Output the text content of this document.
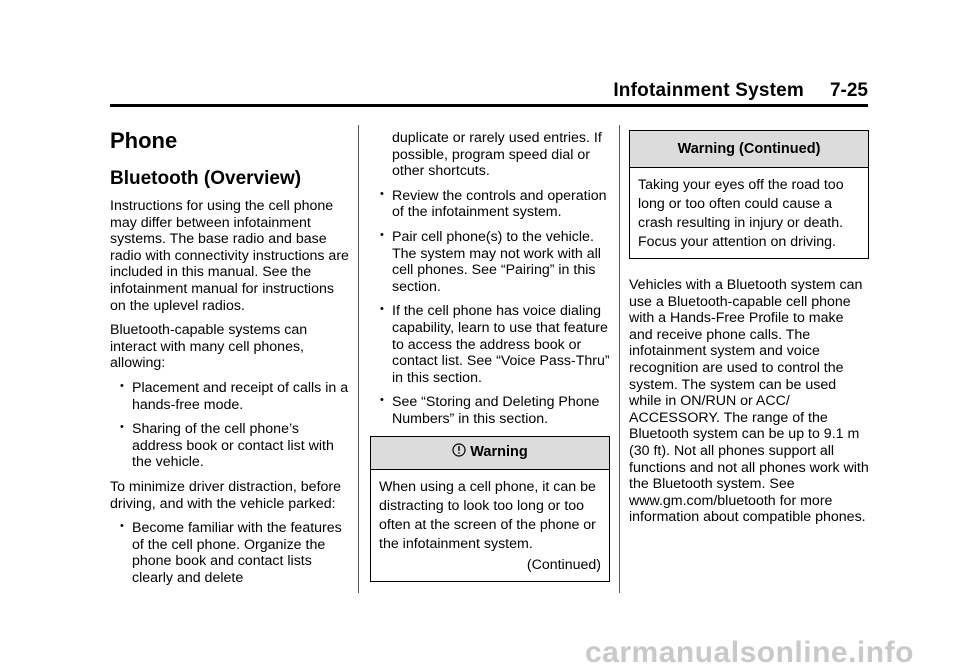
Infotainment System 7-25
Phone
Bluetooth (Overview)

Instructions for using the cell phone may differ between infotainment systems. The base radio and base radio with connectivity instructions are included in this manual. See the infotainment manual for instructions on the uplevel radios.

Bluetooth-capable systems can interact with many cell phones, allowing:

• Placement and receipt of calls in a hands-free mode.
• Sharing of the cell phone’s address book or contact list with the vehicle.

To minimize driver distraction, before driving, and with the vehicle parked:

• Become familiar with the features of the cell phone. Organize the phone book and contact lists clearly and delete
duplicate or rarely used entries. If possible, program speed dial or other shortcuts.
• Review the controls and operation of the infotainment system.
• Pair cell phone(s) to the vehicle. The system may not work with all cell phones. See “Pairing” in this section.
• If the cell phone has voice dialing capability, learn to use that feature to access the address book or contact list. See “Voice Pass-Thru” in this section.
• See “Storing and Deleting Phone Numbers” in this section.
Warning
When using a cell phone, it can be distracting to look too long or too often at the screen of the phone or the infotainment system.
(Continued)
Warning (Continued)
Taking your eyes off the road too long or too often could cause a crash resulting in injury or death. Focus your attention on driving.

Vehicles with a Bluetooth system can use a Bluetooth-capable cell phone with a Hands-Free Profile to make and receive phone calls. The infotainment system and voice recognition are used to control the system. The system can be used while in ON/RUN or ACC/ ACCESSORY. The range of the Bluetooth system can be up to 9.1 m (30 ft). Not all phones support all functions and not all phones work with the Bluetooth system. See www.gm.com/bluetooth for more information about compatible phones.

carmanualsonline.info
